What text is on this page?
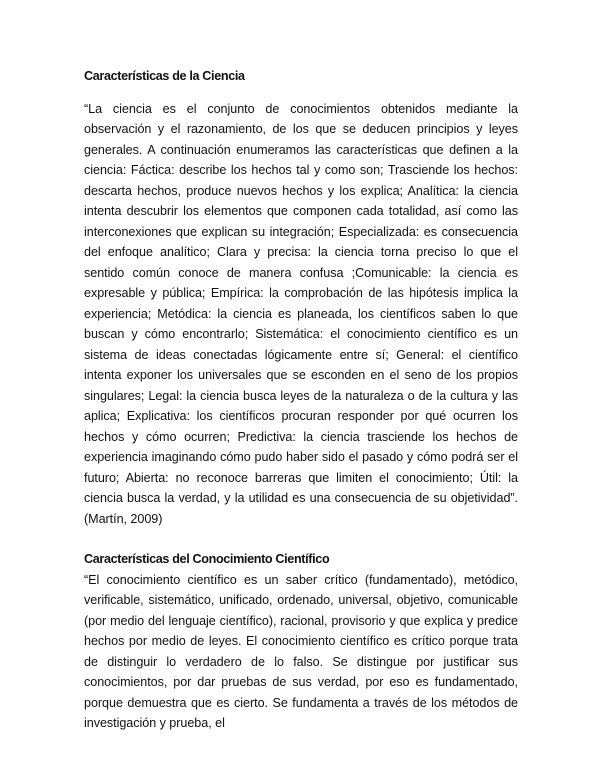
Características de la Ciencia

“La ciencia es el conjunto de conocimientos obtenidos mediante la observación y el razonamiento, de los que se deducen principios y leyes generales. A continuación enumeramos las características que definen a la ciencia: Fáctica: describe los hechos tal y como son; Trasciende los hechos: descarta hechos, produce nuevos hechos y los explica; Analítica: la ciencia intenta descubrir los elementos que componen cada totalidad, así como las interconexiones que explican su integración; Especializada: es consecuencia del enfoque analítico; Clara y precisa: la ciencia torna preciso lo que el sentido común conoce de manera confusa ;Comunicable: la ciencia es expresable y pública; Empírica: la comprobación de las hipótesis implica la experiencia; Metódica: la ciencia es planeada, los científicos saben lo que buscan y cómo encontrarlo; Sistemática: el conocimiento científico es un sistema de ideas conectadas lógicamente entre sí; General: el científico intenta exponer los universales que se esconden en el seno de los propios singulares; Legal: la ciencia busca leyes de la naturaleza o de la cultura y las aplica; Explicativa: los científicos procuran responder por qué ocurren los hechos y cómo ocurren; Predictiva: la ciencia trasciende los hechos de experiencia imaginando cómo pudo haber sido el pasado y cómo podrá ser el futuro; Abierta: no reconoce barreras que limiten el conocimiento; Útil: la ciencia busca la verdad, y la utilidad es una consecuencia de su objetividad”. (Martín, 2009)

Características del Conocimiento Científico

“El conocimiento científico es un saber crítico (fundamentado), metódico, verificable, sistemático, unificado, ordenado, universal, objetivo, comunicable (por medio del lenguaje científico), racional, provisorio y que explica y predice hechos por medio de leyes. El conocimiento científico es crítico porque trata de distinguir lo verdadero de lo falso. Se distingue por justificar sus conocimientos, por dar pruebas de sus verdad, por eso es fundamentado, porque demuestra que es cierto. Se fundamenta a través de los métodos de investigación y prueba, el
